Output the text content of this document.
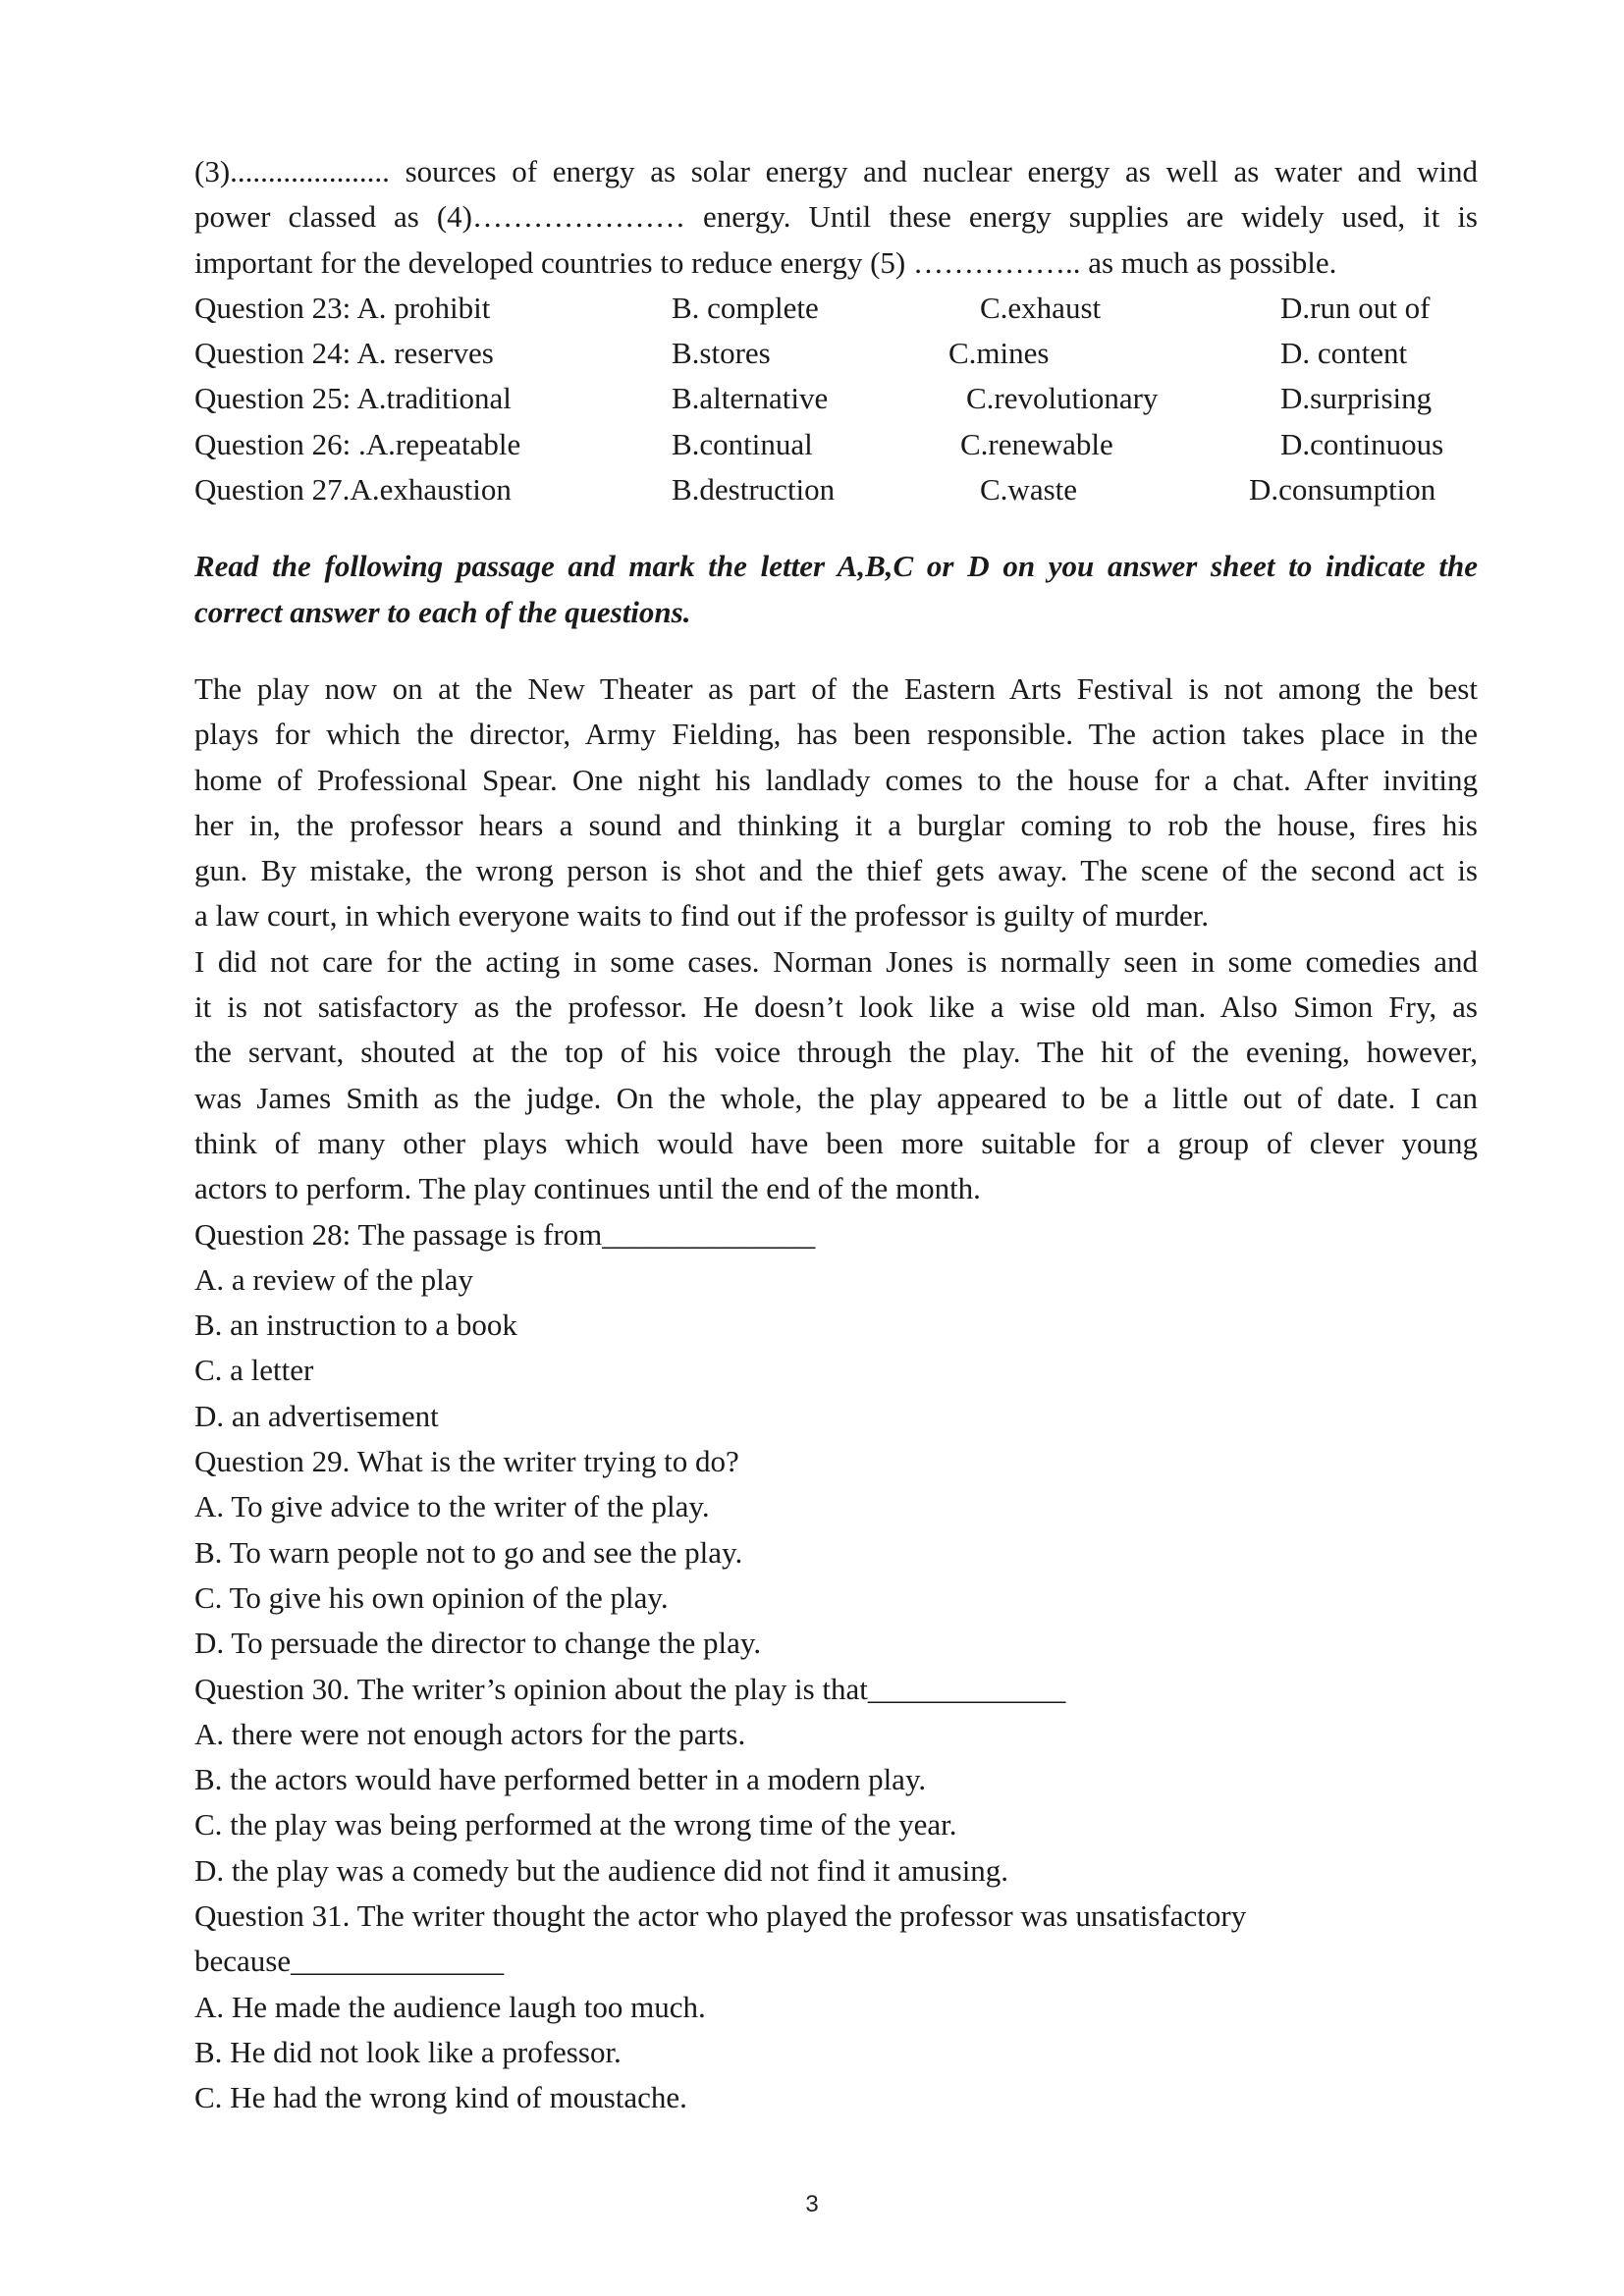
(3)..................... sources of energy as solar energy and nuclear energy as well as water and wind
power classed as (4)………………… energy. Until these energy supplies are widely used, it is
important for the developed countries to reduce energy (5) …………….. as much as possible.
Question 23: A. prohibit	B. complete	C.exhaust	D.run out of
Question 24: A. reserves	B.stores	C.mines	D. content
Question 25: A.traditional	B.alternative	C.revolutionary	D.surprising
Question 26: .A.repeatable	B.continual	C.renewable	D.continuous
Question 27.A.exhaustion	B.destruction	C.waste	D.consumption
Read the following passage and mark the letter A,B,C or D on you answer sheet to indicate the
correct answer to each of the questions.
The play now on at the New Theater as part of the Eastern Arts Festival is not among the best
plays for which the director, Army Fielding, has been responsible. The action takes place in the
home of Professional Spear. One night his landlady comes to the house for a chat. After inviting
her in, the professor hears a sound and thinking it a burglar coming to rob the house, fires his
gun. By mistake, the wrong person is shot and the thief gets away. The scene of the second act is
a law court, in which everyone waits to find out if the professor is guilty of murder.
I did not care for the acting in some cases. Norman Jones is normally seen in some comedies and
it is not satisfactory as the professor. He doesn’t look like a wise old man. Also Simon Fry, as
the servant, shouted at the top of his voice through the play. The hit of the evening, however,
was James Smith as the judge. On the whole, the play appeared to be a little out of date. I can
think of many other plays which would have been more suitable for a group of clever young
actors to perform. The play continues until the end of the month.
Question 28: The passage is from______________
A. a review of the play
B. an instruction to a book
C. a letter
D. an advertisement
Question 29. What is the writer trying to do?
A. To give advice to the writer of the play.
B. To warn people not to go and see the play.
C. To give his own opinion of the play.
D. To persuade the director to change the play.
Question 30. The writer’s opinion about the play is that_____________
A. there were not enough actors for the parts.
B. the actors would have performed better in a modern play.
C. the play was being performed at the wrong time of the year.
D. the play was a comedy but the audience did not find it amusing.
Question 31. The writer thought the actor who played the professor was unsatisfactory
because______________
A. He made the audience laugh too much.
B. He did not look like a professor.
C. He had the wrong kind of moustache.
3
